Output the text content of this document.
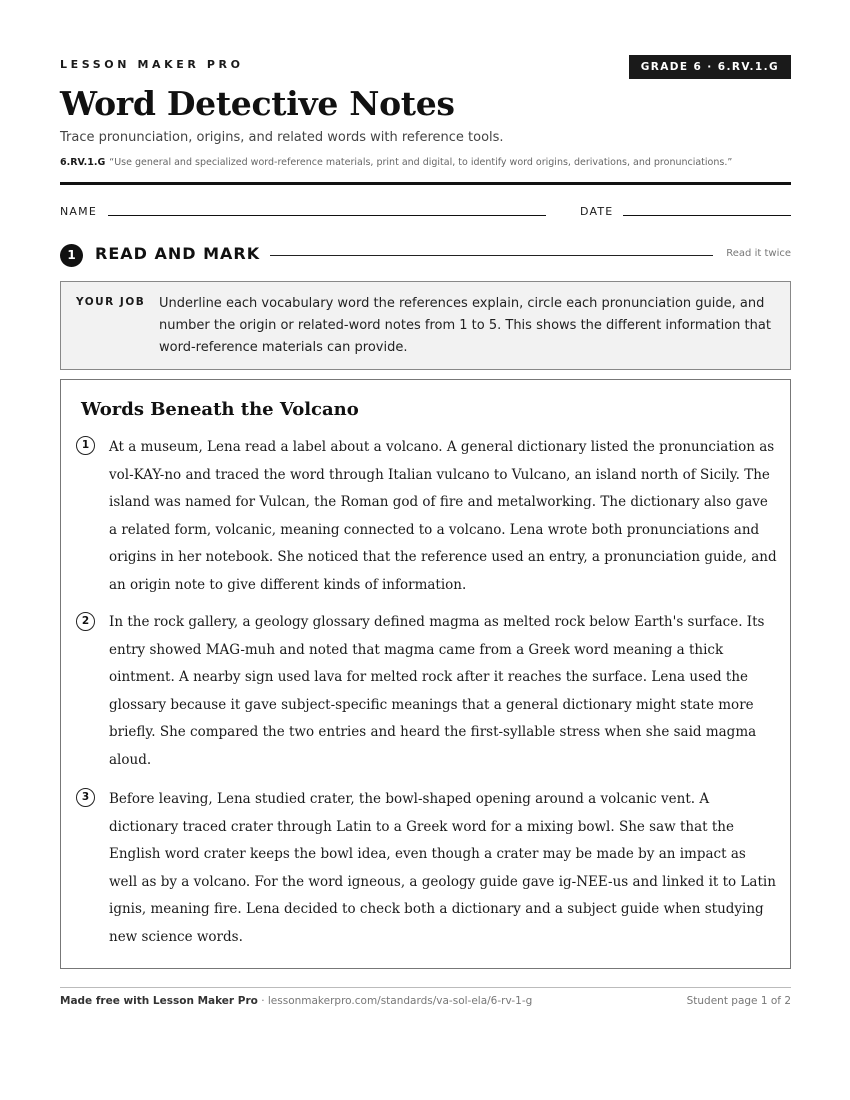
LESSON MAKER PRO	GRADE 6 · 6.RV.1.G
Word Detective Notes
Trace pronunciation, origins, and related words with reference tools.
6.RV.1.G “Use general and specialized word-reference materials, print and digital, to identify word origins, derivations, and pronunciations.”
NAME	DATE
1	READ AND MARK	Read it twice
YOUR JOB Underline each vocabulary word the references explain, circle each pronunciation guide, and number the origin or related-word notes from 1 to 5. This shows the different information that word-reference materials can provide.
Words Beneath the Volcano
1	At a museum, Lena read a label about a volcano. A general dictionary listed the pronunciation as vol-KAY-no and traced the word through Italian vulcano to Vulcano, an island north of Sicily. The island was named for Vulcan, the Roman god of fire and metalworking. The dictionary also gave a related form, volcanic, meaning connected to a volcano. Lena wrote both pronunciations and origins in her notebook. She noticed that the reference used an entry, a pronunciation guide, and an origin note to give different kinds of information.

2	In the rock gallery, a geology glossary defined magma as melted rock below Earth's surface. Its entry showed MAG-muh and noted that magma came from a Greek word meaning a thick ointment. A nearby sign used lava for melted rock after it reaches the surface. Lena used the glossary because it gave subject-specific meanings that a general dictionary might state more briefly. She compared the two entries and heard the first-syllable stress when she said magma aloud.

3	Before leaving, Lena studied crater, the bowl-shaped opening around a volcanic vent. A dictionary traced crater through Latin to a Greek word for a mixing bowl. She saw that the English word crater keeps the bowl idea, even though a crater may be made by an impact as well as by a volcano. For the word igneous, a geology guide gave ig-NEE-us and linked it to Latin ignis, meaning fire. Lena decided to check both a dictionary and a subject guide when studying new science words.

Made free with Lesson Maker Pro · lessonmakerpro.com/standards/va-sol-ela/6-rv-1-g	Student page 1 of 2
